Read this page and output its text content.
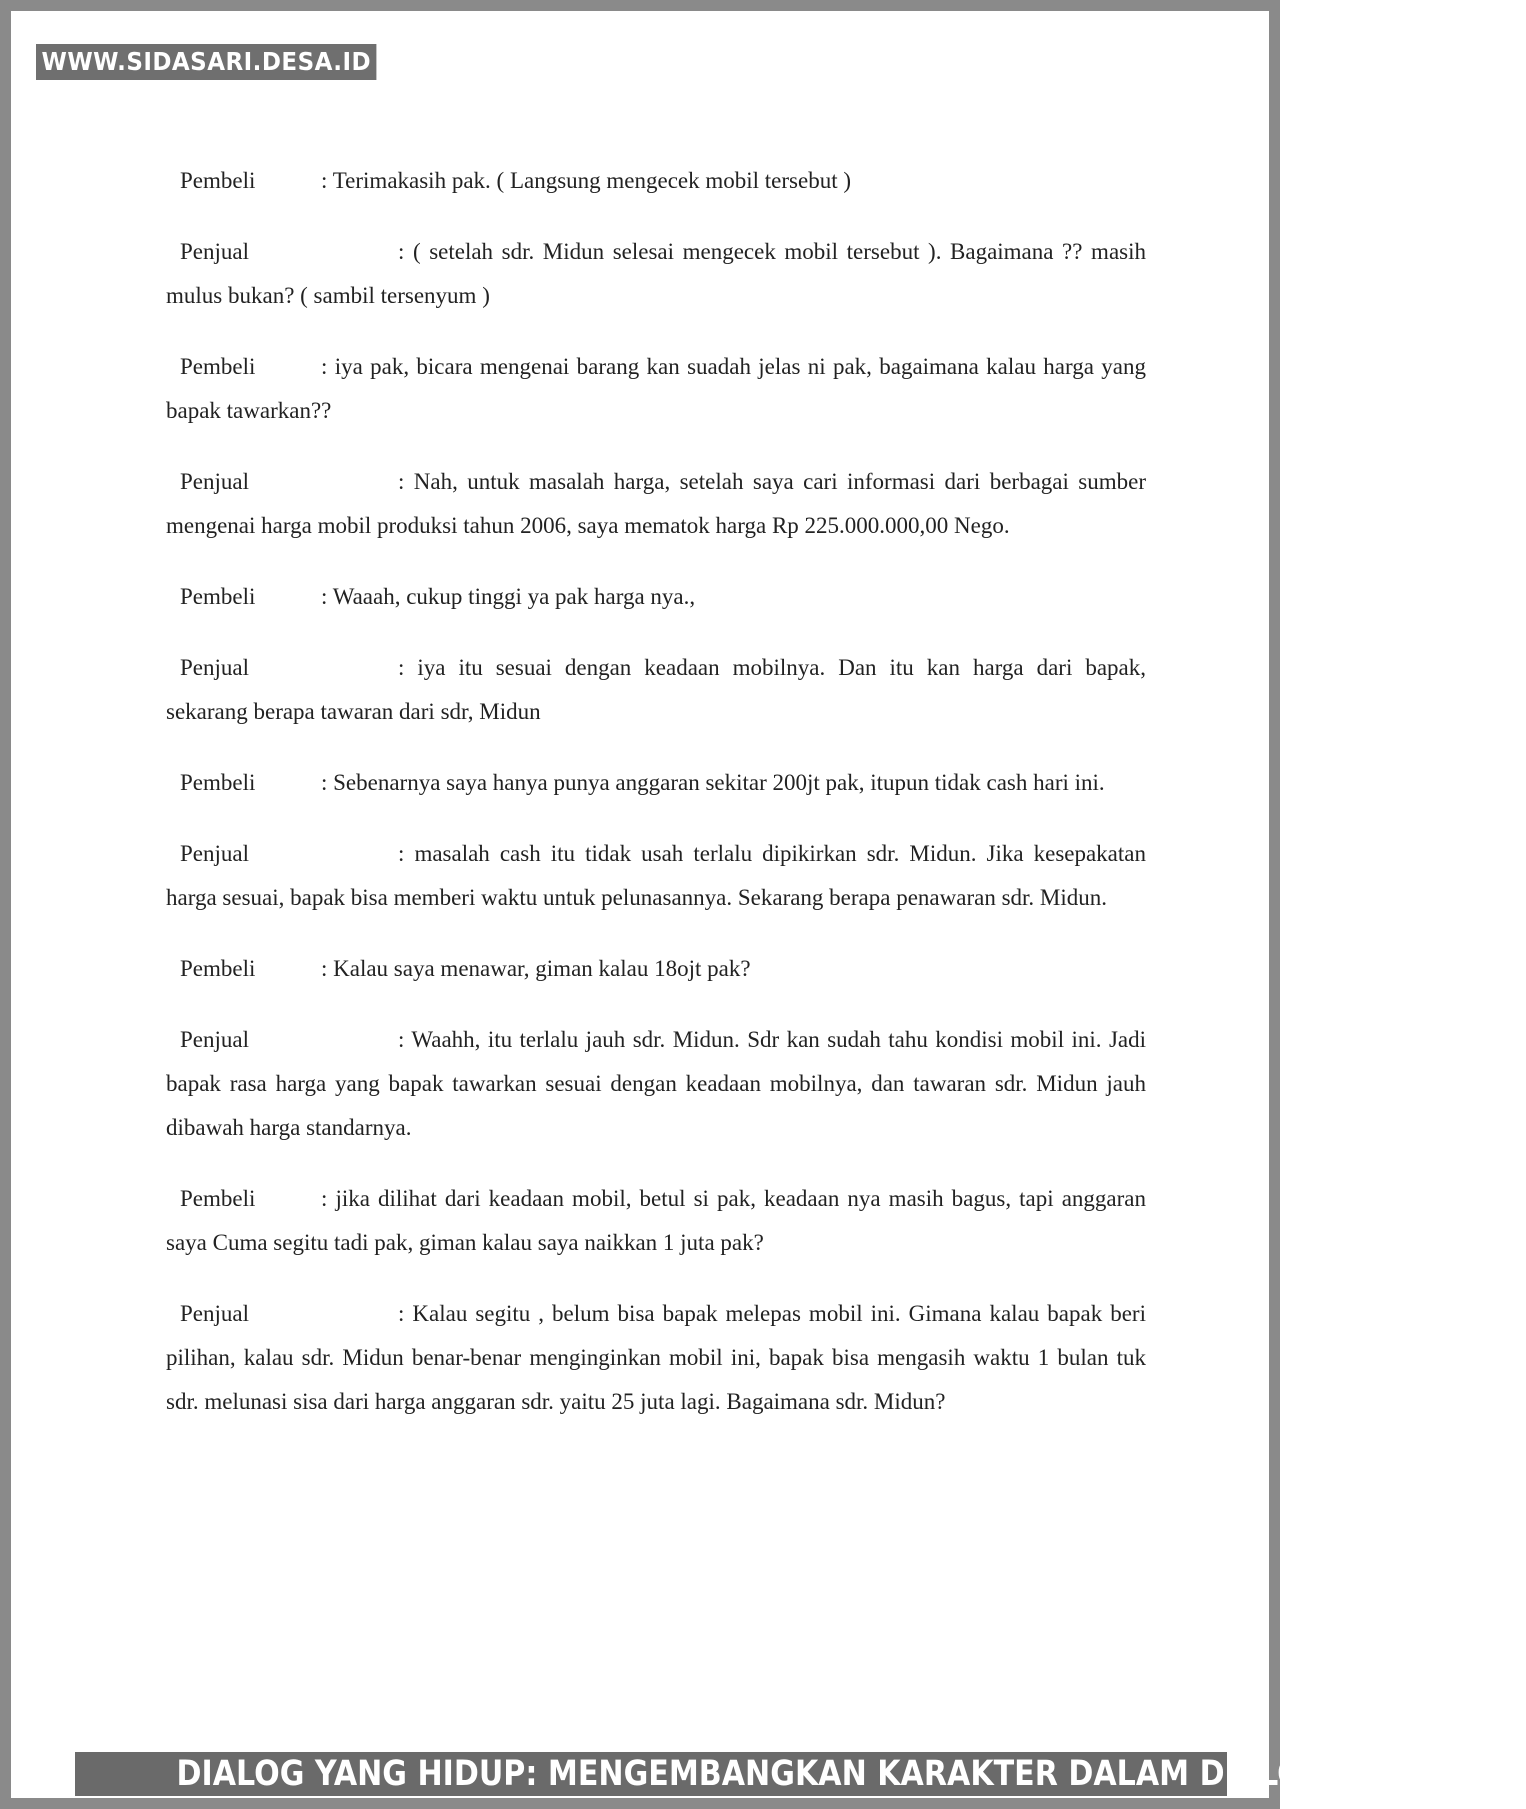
WWW.SIDASARI.DESA.ID

Pembeli	: Terimakasih pak. ( Langsung mengecek mobil tersebut )

Penjual	: ( setelah sdr. Midun selesai mengecek mobil tersebut ). Bagaimana ?? masih mulus bukan? ( sambil tersenyum )

Pembeli	: iya pak, bicara mengenai barang kan suadah jelas ni pak, bagaimana kalau harga yang bapak tawarkan??

Penjual	: Nah, untuk masalah harga, setelah saya cari informasi dari berbagai sumber mengenai harga mobil produksi tahun 2006, saya mematok harga Rp 225.000.000,00 Nego.

Pembeli	: Waaah, cukup tinggi ya pak harga nya.,

Penjual	: iya itu sesuai dengan keadaan mobilnya. Dan itu kan harga dari bapak, sekarang berapa tawaran dari sdr, Midun

Pembeli	: Sebenarnya saya hanya punya anggaran sekitar 200jt pak, itupun tidak cash hari ini.

Penjual	: masalah cash itu tidak usah terlalu dipikirkan sdr. Midun. Jika kesepakatan harga sesuai, bapak bisa memberi waktu untuk pelunasannya. Sekarang berapa penawaran sdr. Midun.

Pembeli	: Kalau saya menawar, giman kalau 18ojt pak?

Penjual	: Waahh, itu terlalu jauh sdr. Midun. Sdr kan sudah tahu kondisi mobil ini. Jadi bapak rasa harga yang bapak tawarkan sesuai dengan keadaan mobilnya, dan tawaran sdr. Midun jauh dibawah harga standarnya.

Pembeli	: jika dilihat dari keadaan mobil, betul si pak, keadaan nya masih bagus, tapi anggaran saya Cuma segitu tadi pak, giman kalau saya naikkan 1 juta pak?

Penjual	: Kalau segitu , belum bisa bapak melepas mobil ini. Gimana kalau bapak beri pilihan, kalau sdr. Midun benar-benar menginginkan mobil ini, bapak bisa mengasih waktu 1 bulan tuk sdr. melunasi sisa dari harga anggaran sdr. yaitu 25 juta lagi. Bagaimana sdr. Midun?

DIALOG YANG HIDUP: MENGEMBANGKAN KARAKTER DALAM DIALOG TEKS
